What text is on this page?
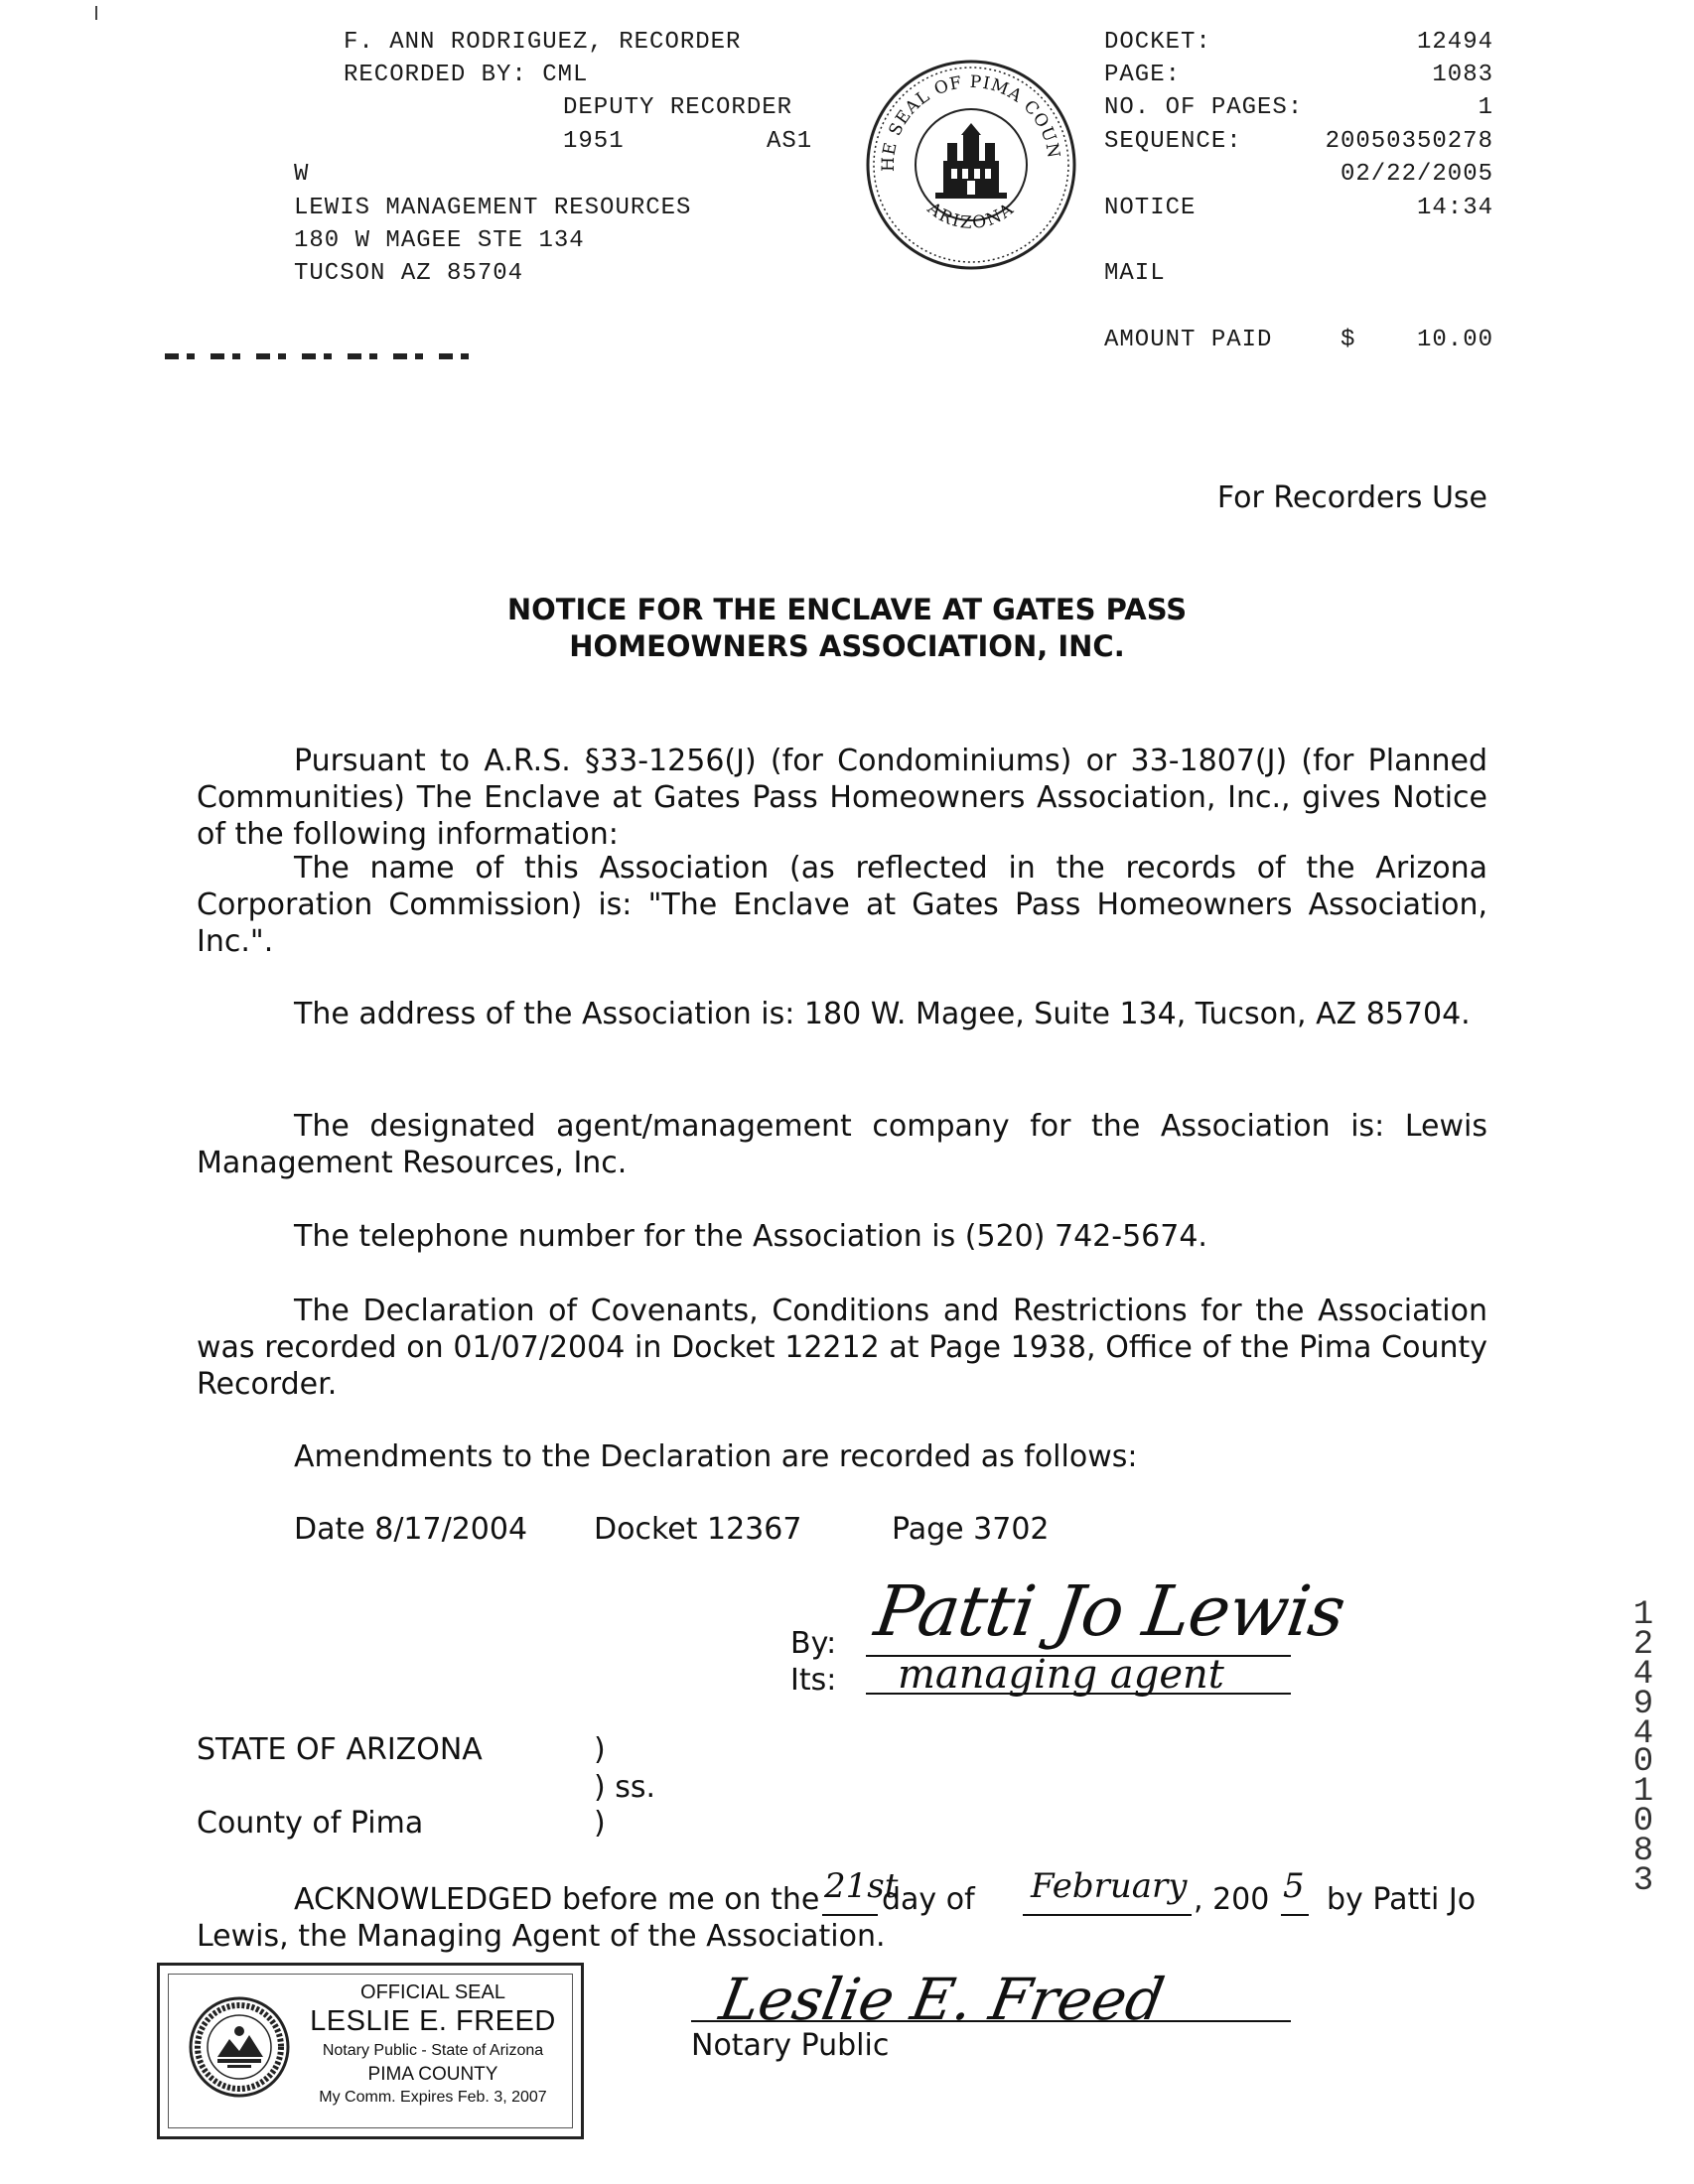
F. ANN RODRIGUEZ, RECORDER
RECORDED BY: CML
DEPUTY RECORDER
1951	AS1
W
LEWIS MANAGEMENT RESOURCES
180 W MAGEE STE 134
TUCSON AZ 85704
HE SEAL OF PIMA COUN
ARIZONA
DOCKET:	12494
PAGE:	1083
NO. OF PAGES:	1
SEQUENCE:	20050350278
02/22/2005
NOTICE	14:34
MAIL
AMOUNT PAID	$	10.00
For Recorders Use
NOTICE FOR THE ENCLAVE AT GATES PASS
HOMEOWNERS ASSOCIATION, INC.
Pursuant to A.R.S. §33-1256(J) (for Condominiums) or 33-1807(J) (for Planned Communities) The Enclave at Gates Pass Homeowners Association, Inc., gives Notice of the following information:
The name of this Association (as reflected in the records of the Arizona Corporation Commission) is: "The Enclave at Gates Pass Homeowners Association, Inc.".
The address of the Association is: 180 W. Magee, Suite 134, Tucson, AZ 85704.
The designated agent/management company for the Association is: Lewis Management Resources, Inc.
The telephone number for the Association is (520) 742-5674.
The Declaration of Covenants, Conditions and Restrictions for the Association was recorded on 01/07/2004 in Docket 12212 at Page 1938, Office of the Pima County Recorder.
Amendments to the Declaration are recorded as follows:
Date 8/17/2004 Docket 12367	Page 3702
By: Patti Jo Lewis
Its: managing agent
STATE OF ARIZONA	)
) ss.
County of Pima	)
ACKNOWLEDGED before me on the 21st
day of February , 200 5 by Patti Jo
Lewis, the Managing Agent of the Association.
Leslie E. Freed
Notary Public
OFFICIAL SEAL
LESLIE E. FREED
Notary Public - State of Arizona
PIMA COUNTY
My Comm. Expires Feb. 3, 2007
1
2
4
9
4
0
1
0
8
3
